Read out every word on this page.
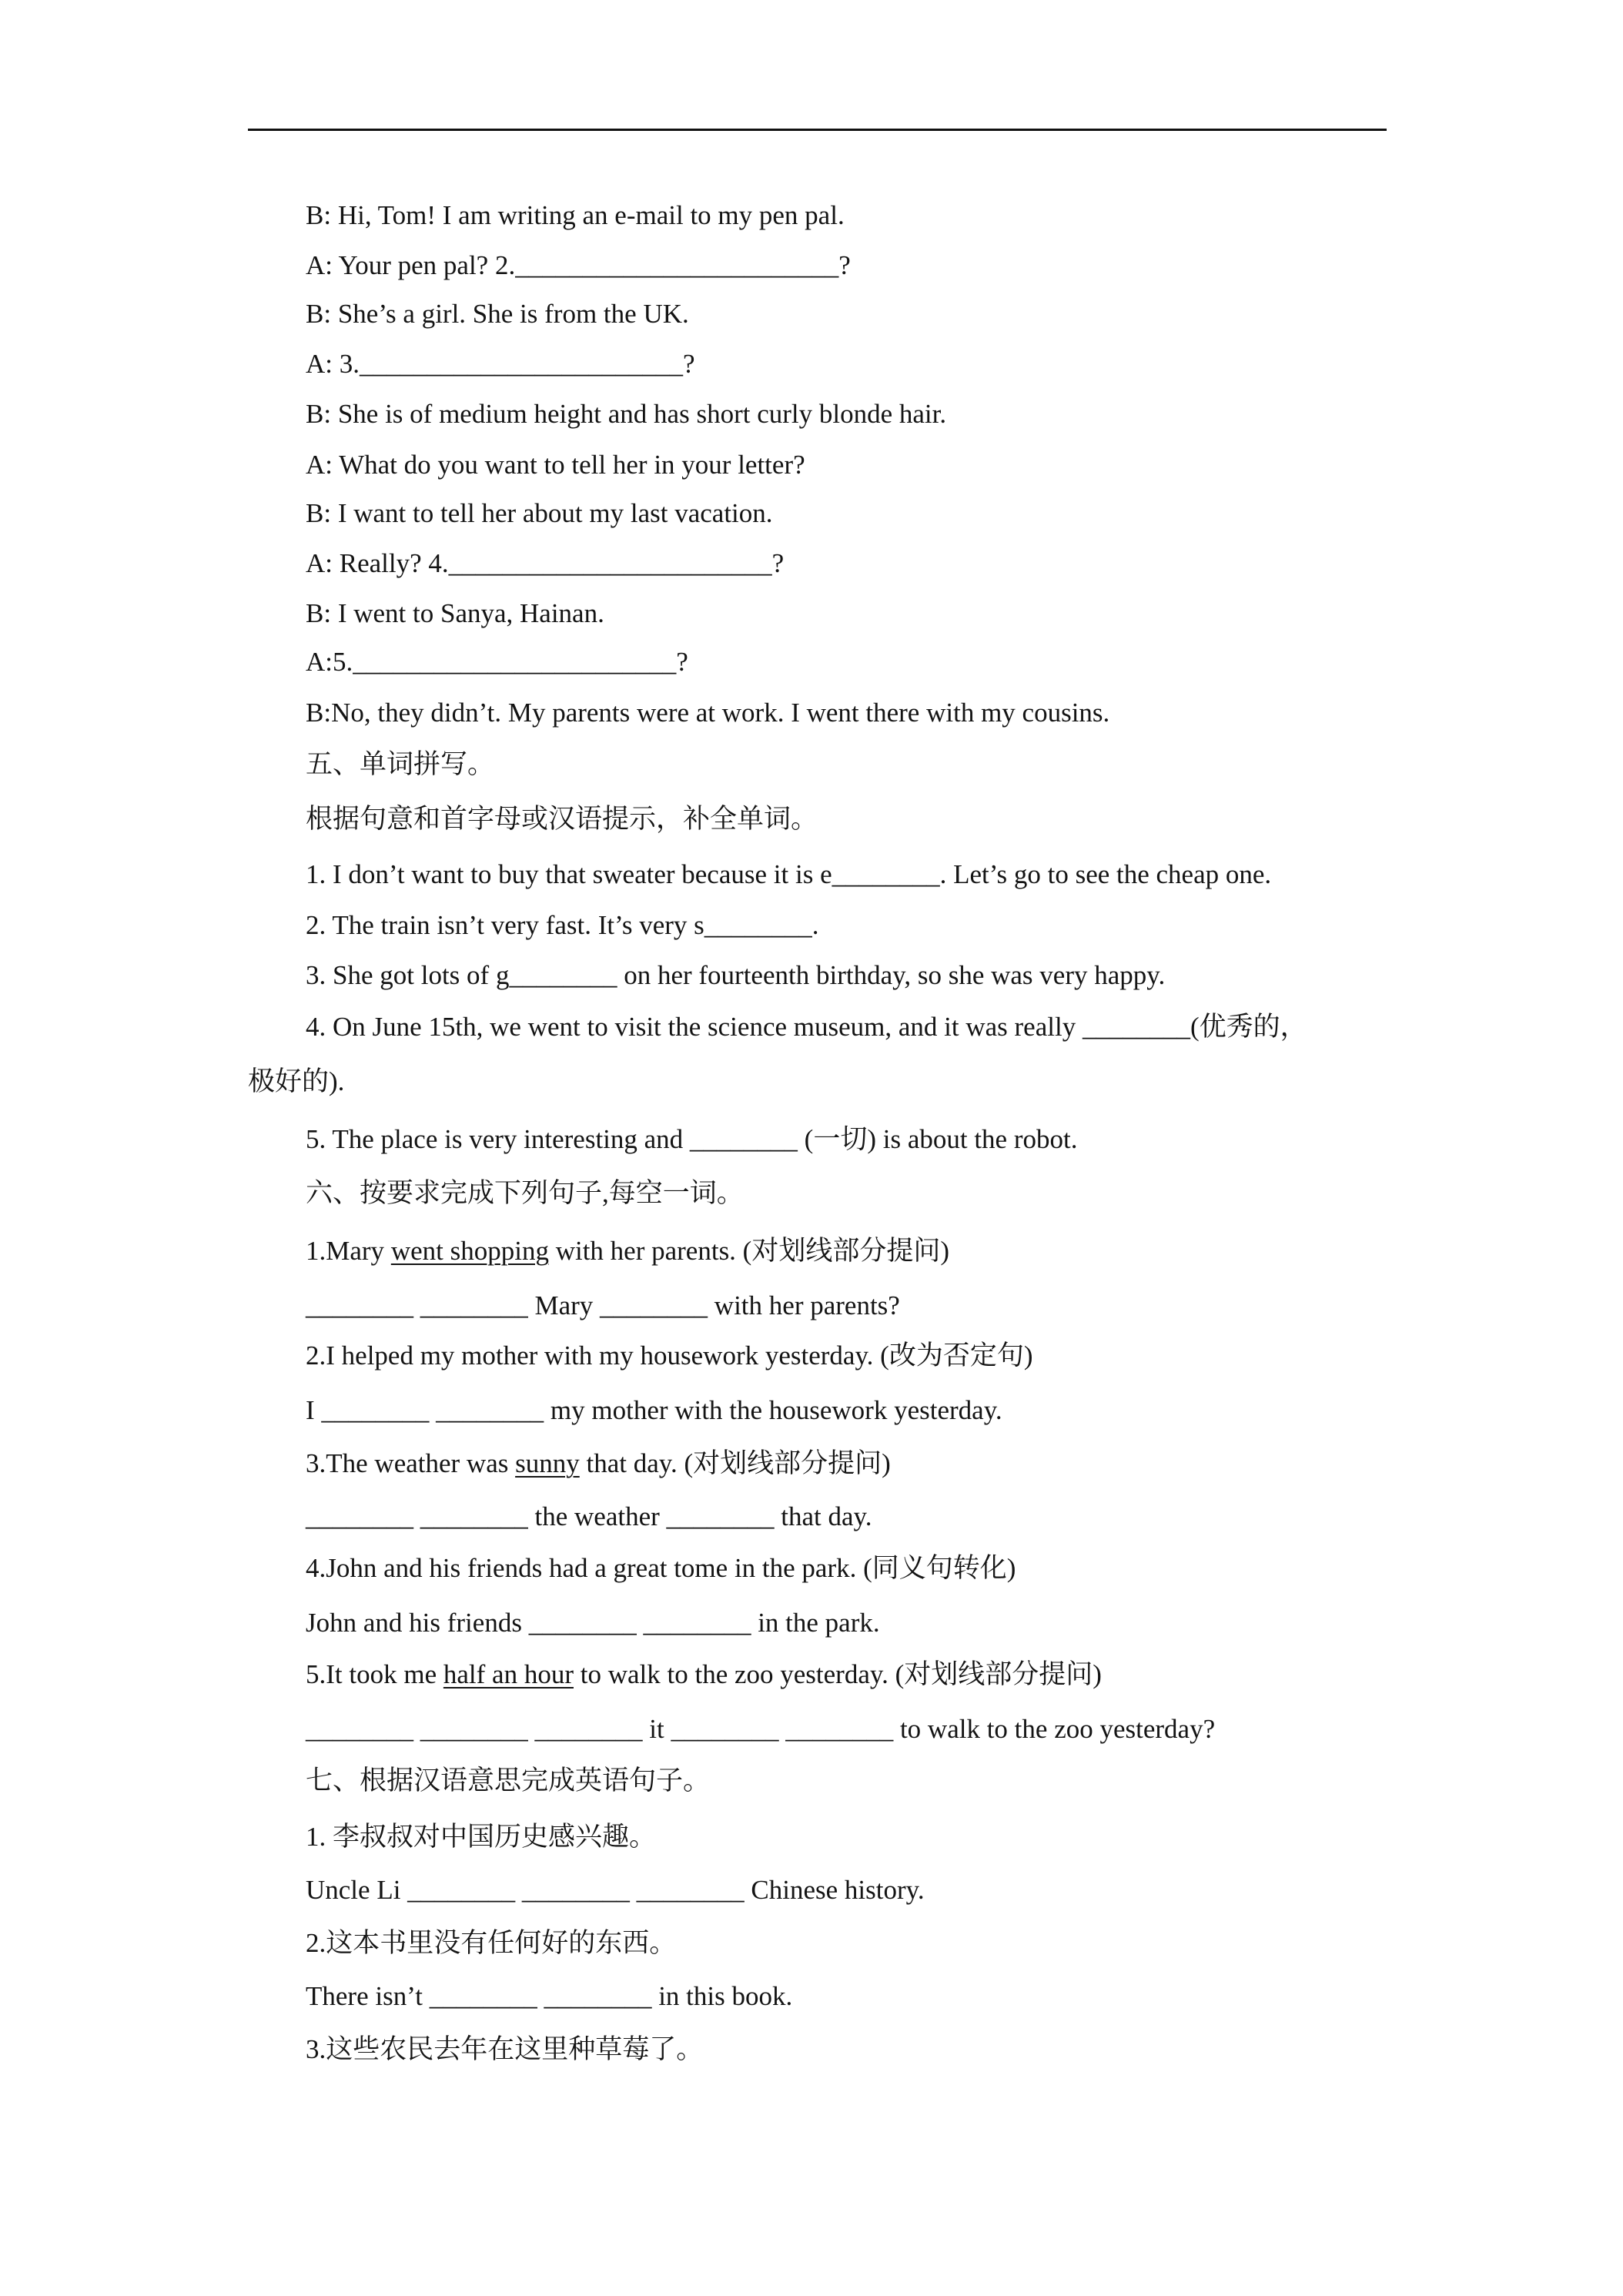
B: Hi, Tom! I am writing an e-mail to my pen pal.
A: Your pen pal? 2.________________________?
B: She’s a girl. She is from the UK.
A: 3.________________________?
B: She is of medium height and has short curly blonde hair.
A: What do you want to tell her in your letter?
B: I want to tell her about my last vacation.
A: Really? 4.________________________?
B: I went to Sanya, Hainan.
A:5.________________________?
B:No, they didn’t. My parents were at work. I went there with my cousins.
五、单词拼写。
根据句意和首字母或汉语提示，补全单词。
1. I don’t want to buy that sweater because it is e________. Let’s go to see the cheap one.
2. The train isn’t very fast. It’s very s________.
3. She got lots of g________ on her fourteenth birthday, so she was very happy.
4. On June 15th, we went to visit the science museum, and it was really ________(优秀的，
极好的).
5. The place is very interesting and ________ (一切) is about the robot.
六、按要求完成下列句子,每空一词。
1.Mary went shopping with her parents. (对划线部分提问)
________ ________ Mary ________ with her parents?
2.I helped my mother with my housework yesterday. (改为否定句)
I ________ ________ my mother with the housework yesterday.
3.The weather was sunny that day. (对划线部分提问)
________ ________ the weather ________ that day.
4.John and his friends had a great tome in the park. (同义句转化)
John and his friends ________ ________ in the park.
5.It took me half an hour to walk to the zoo yesterday. (对划线部分提问)
________ ________ ________ it ________ ________ to walk to the zoo yesterday?
七、根据汉语意思完成英语句子。
1. 李叔叔对中国历史感兴趣。
Uncle Li ________ ________ ________ Chinese history.
2.这本书里没有任何好的东西。
There isn’t ________ ________ in this book.
3.这些农民去年在这里种草莓了。
